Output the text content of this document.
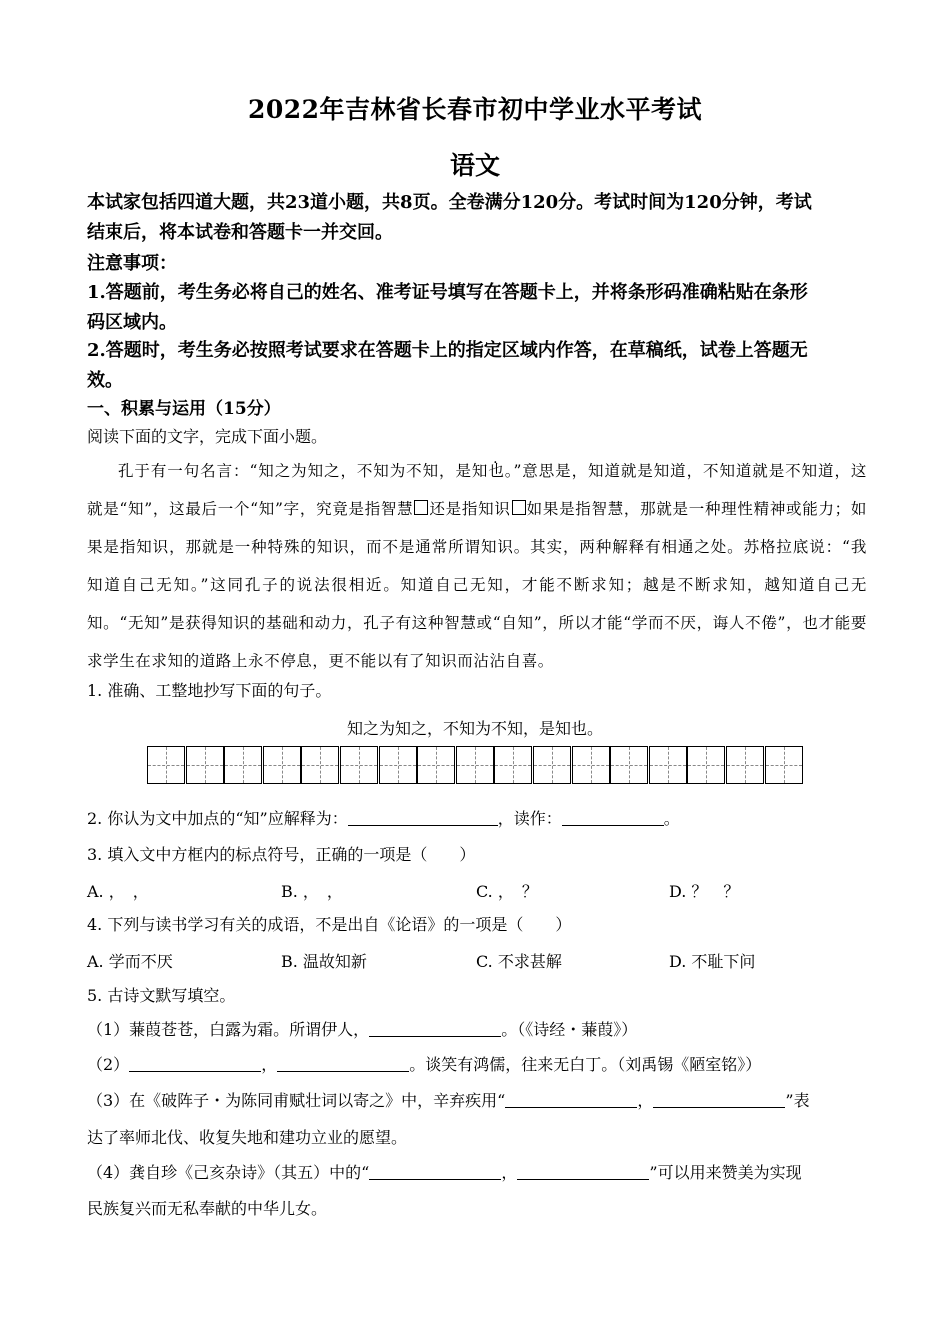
2022年吉林省长春市初中学业水平考试
语文
本试家包括四道大题，共23道小题，共8页。全卷满分120分。考试时间为120分钟，考试
结束后，将本试卷和答题卡一并交回。
注意事项：
1.答题前，考生务必将自己的姓名、准考证号填写在答题卡上，并将条形码准确粘贴在条形
码区域内。
2.答题时，考生务必按照考试要求在答题卡上的指定区域内作答，在草稿纸，试卷上答题无
效。
一、积累与运用（15分）
阅读下面的文字，完成下面小题。
孔于有一句名言：“知之为知之，不知为不知，是知也。”意思是，知道就是知道，不知道就是不知道，这就是“知”，这最后一个“知”字，究竟是指智慧 还是指知识 如果是指智慧，那就是一种理性精神或能力；如果是指知识，那就是一种特殊的知识，而不是通常所谓知识。其实，两种解释有相通之处。苏格拉底说：“我知道自己无知。”这同孔子的说法很相近。知道自己无知，才能不断求知；越是不断求知，越知道自己无知。“无知”是获得知识的基础和动力，孔子有这种智慧或“自知”，所以才能“学而不厌，诲人不倦”，也才能要求学生在求知的道路上永不停息，更不能以有了知识而沾沾自喜。
1. 准确、工整地抄写下面的句子。
知之为知之，不知为不知，是知也。
2. 你认为文中加点的“知”应解释为：	，读作：	。
3. 填入文中方框内的标点符号，正确的一项是（　　）
A. ，　，	B. ，　，	C. ，　？	D. ？　？
4. 下列与读书学习有关的成语，不是出自《论语》的一项是（　　）
A. 学而不厌	B. 温故知新	C. 不求甚解	D. 不耻下问
5. 古诗文默写填空。
（1）蒹葭苍苍，白露为霜。所谓伊人，	。（《诗经・蒹葭》）
（2）	，	。谈笑有鸿儒，往来无白丁。（刘禹锡《陋室铭》）
（3）在《破阵子・为陈同甫赋壮词以寄之》中，辛弃疾用“	，	”表
达了率师北伐、收复失地和建功立业的愿望。
（4）龚自珍《己亥杂诗》（其五）中的“	，	”可以用来赞美为实现
民族复兴而无私奉献的中华儿女。
